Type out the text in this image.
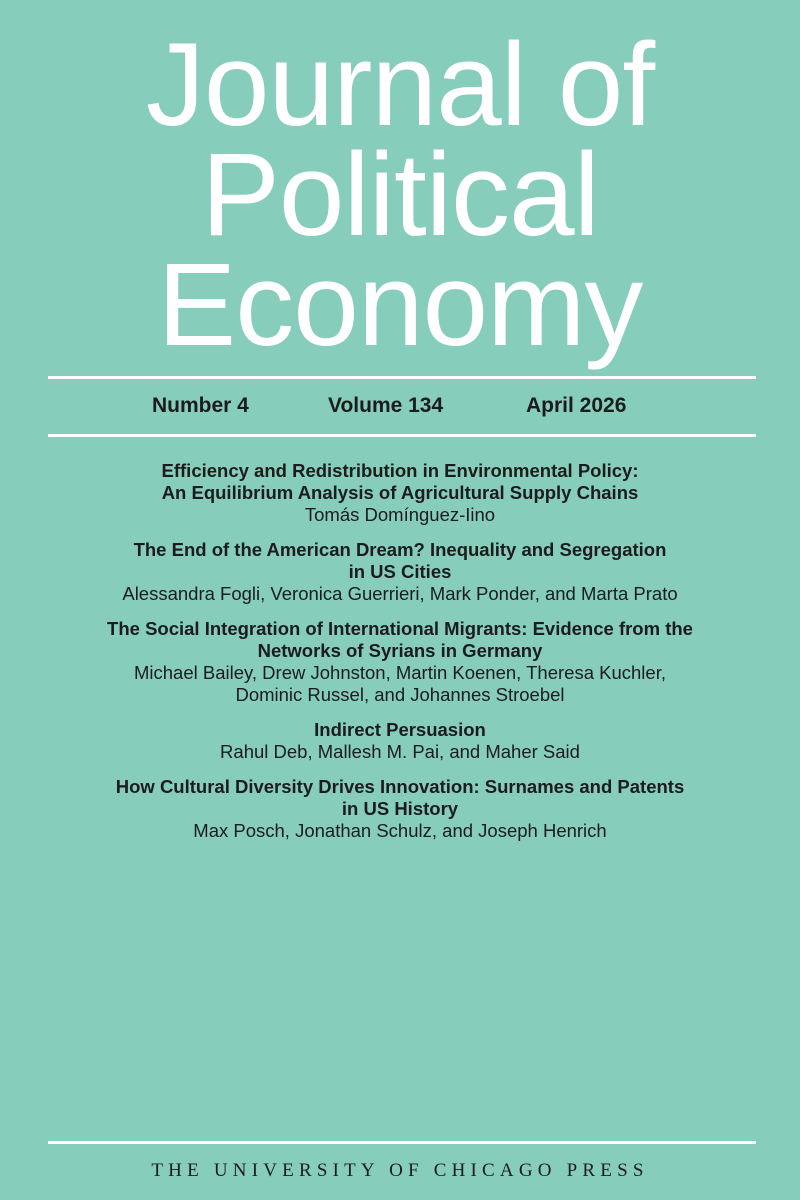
Journal of
Political
Economy
Number 4	Volume 134	April 2026
Efficiency and Redistribution in Environmental Policy:
An Equilibrium Analysis of Agricultural Supply Chains
Tomás Domínguez-Iino
The End of the American Dream? Inequality and Segregation
in US Cities
Alessandra Fogli, Veronica Guerrieri, Mark Ponder, and Marta Prato
The Social Integration of International Migrants: Evidence from the
Networks of Syrians in Germany
Michael Bailey, Drew Johnston, Martin Koenen, Theresa Kuchler,
Dominic Russel, and Johannes Stroebel
Indirect Persuasion
Rahul Deb, Mallesh M. Pai, and Maher Said
How Cultural Diversity Drives Innovation: Surnames and Patents
in US History
Max Posch, Jonathan Schulz, and Joseph Henrich
THE UNIVERSITY OF CHICAGO PRESS
